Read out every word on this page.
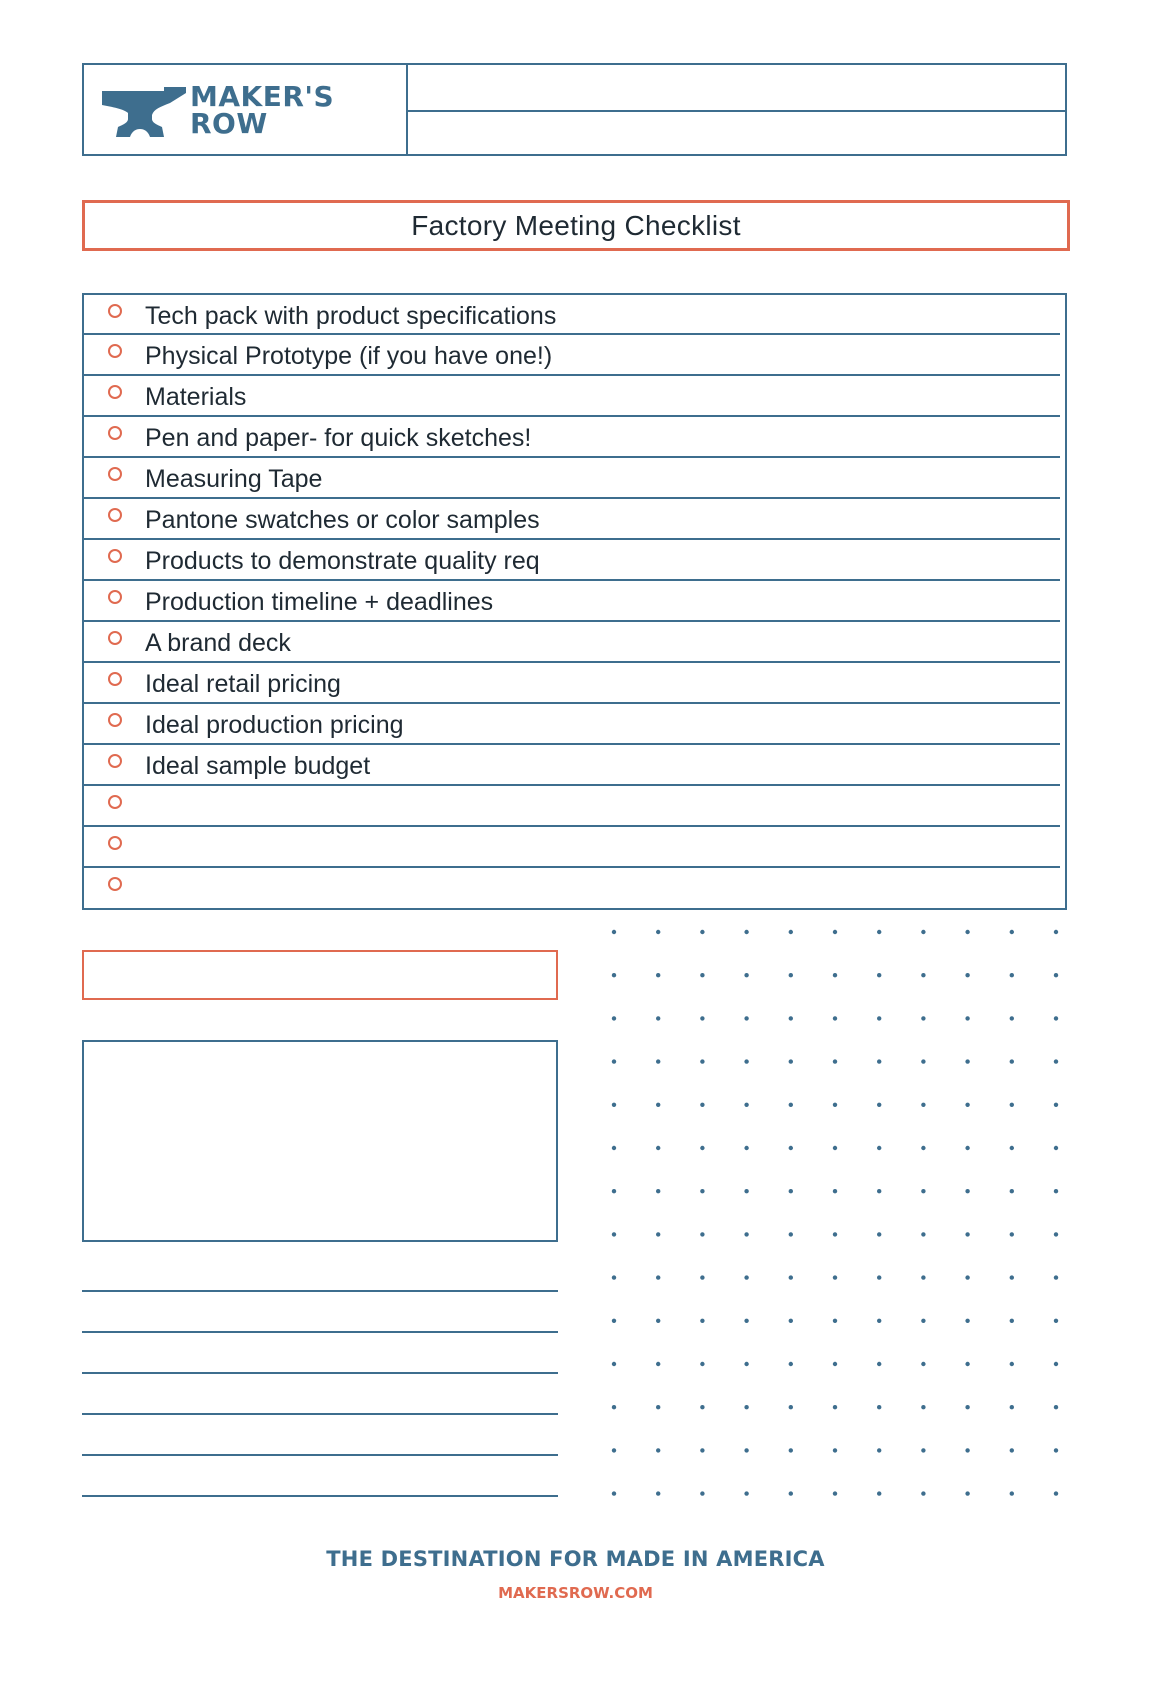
MAKER'S
ROW
Factory Meeting Checklist
Tech pack with product specifications
Physical Prototype (if you have one!)
Materials
Pen and paper- for quick sketches!
Measuring Tape
Pantone swatches or color samples
Products to demonstrate quality req
Production timeline + deadlines
A brand deck
Ideal retail pricing
Ideal production pricing
Ideal sample budget
THE DESTINATION FOR MADE IN AMERICA
MAKERSROW.COM
